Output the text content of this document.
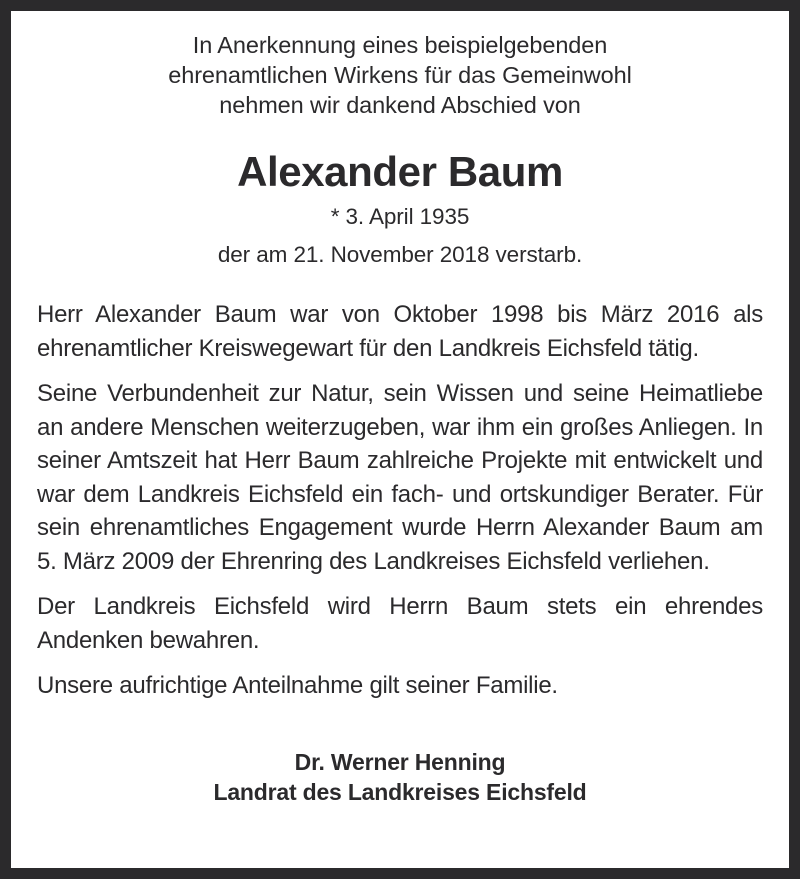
In Anerkennung eines beispielgebenden
ehrenamtlichen Wirkens für das Gemeinwohl
nehmen wir dankend Abschied von
Alexander Baum
* 3. April 1935
der am 21. November 2018 verstarb.

Herr Alexander Baum war von Oktober 1998 bis März 2016 als ehrenamtlicher Kreiswegewart für den Landkreis Eichsfeld tätig.

Seine Verbundenheit zur Natur, sein Wissen und seine Heimatliebe an andere Menschen weiterzugeben, war ihm ein großes Anliegen. In seiner Amtszeit hat Herr Baum zahlreiche Projekte mit entwickelt und war dem Landkreis Eichsfeld ein fach- und ortskundiger Berater. Für sein ehrenamtliches Engagement wurde Herrn Alexander Baum am 5. März 2009 der Ehrenring des Landkreises Eichsfeld verliehen.

Der Landkreis Eichsfeld wird Herrn Baum stets ein ehrendes Andenken bewahren.

Unsere aufrichtige Anteilnahme gilt seiner Familie.

Dr. Werner Henning
Landrat des Landkreises Eichsfeld
